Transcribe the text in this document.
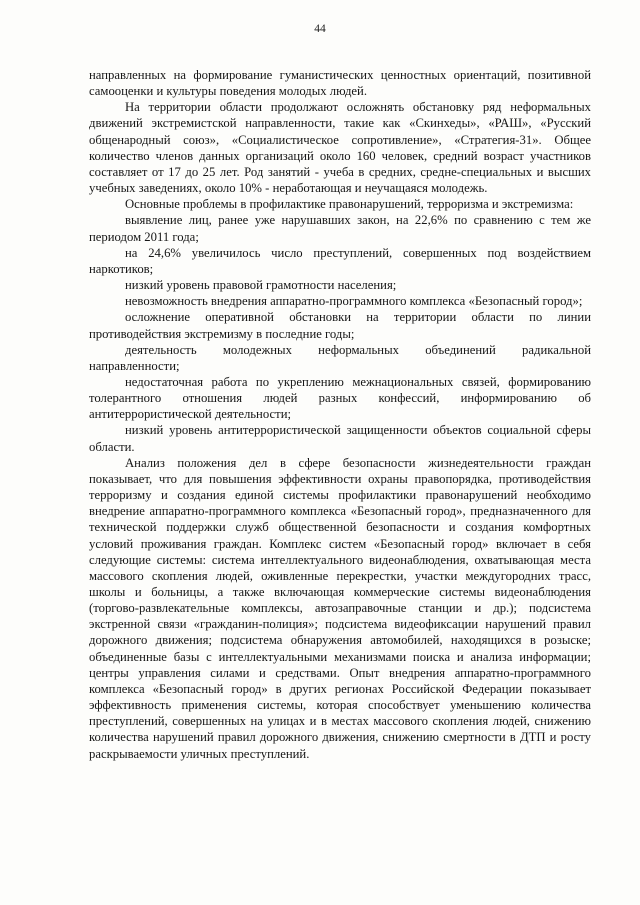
44

направленных на формирование гуманистических ценностных ориентаций, позитивной самооценки и культуры поведения молодых людей.

На территории области продолжают осложнять обстановку ряд неформальных движений экстремистской направленности, такие как «Скинхеды», «РАШ», «Русский общенародный союз», «Социалистическое сопротивление», «Стратегия-31». Общее количество членов данных организаций около 160 человек, средний возраст участников составляет от 17 до 25 лет. Род занятий - учеба в средних, средне-специальных и высших учебных заведениях, около 10% - неработающая и неучащаяся молодежь.

Основные проблемы в профилактике правонарушений, терроризма и экстремизма:

выявление лиц, ранее уже нарушавших закон, на 22,6% по сравнению с тем же периодом 2011 года;

на 24,6% увеличилось число преступлений, совершенных под воздействием наркотиков;

низкий уровень правовой грамотности населения;

невозможность внедрения аппаратно-программного комплекса «Безопасный город»;

осложнение оперативной обстановки на территории области по линии противодействия экстремизму в последние годы;

деятельность молодежных неформальных объединений радикальной направленности;

недостаточная работа по укреплению межнациональных связей, формированию толерантного отношения людей разных конфессий, информированию об антитеррористической деятельности;

низкий уровень антитеррористической защищенности объектов социальной сферы области.

Анализ положения дел в сфере безопасности жизнедеятельности граждан показывает, что для повышения эффективности охраны правопорядка, противодействия терроризму и создания единой системы профилактики правонарушений необходимо внедрение аппаратно-программного комплекса «Безопасный город», предназначенного для технической поддержки служб общественной безопасности и создания комфортных условий проживания граждан. Комплекс систем «Безопасный город» включает в себя следующие системы: система интеллектуального видеонаблюдения, охватывающая места массового скопления людей, оживленные перекрестки, участки междугородних трасс, школы и больницы, а также включающая коммерческие системы видеонаблюдения (торгово-развлекательные комплексы, автозаправочные станции и др.); подсистема экстренной связи «гражданин-полиция»; подсистема видеофиксации нарушений правил дорожного движения; подсистема обнаружения автомобилей, находящихся в розыске; объединенные базы с интеллектуальными механизмами поиска и анализа информации; центры управления силами и средствами. Опыт внедрения аппаратно-программного комплекса «Безопасный город» в других регионах Российской Федерации показывает эффективность применения системы, которая способствует уменьшению количества преступлений, совершенных на улицах и в местах массового скопления людей, снижению количества нарушений правил дорожного движения, снижению смертности в ДТП и росту раскрываемости уличных преступлений.
